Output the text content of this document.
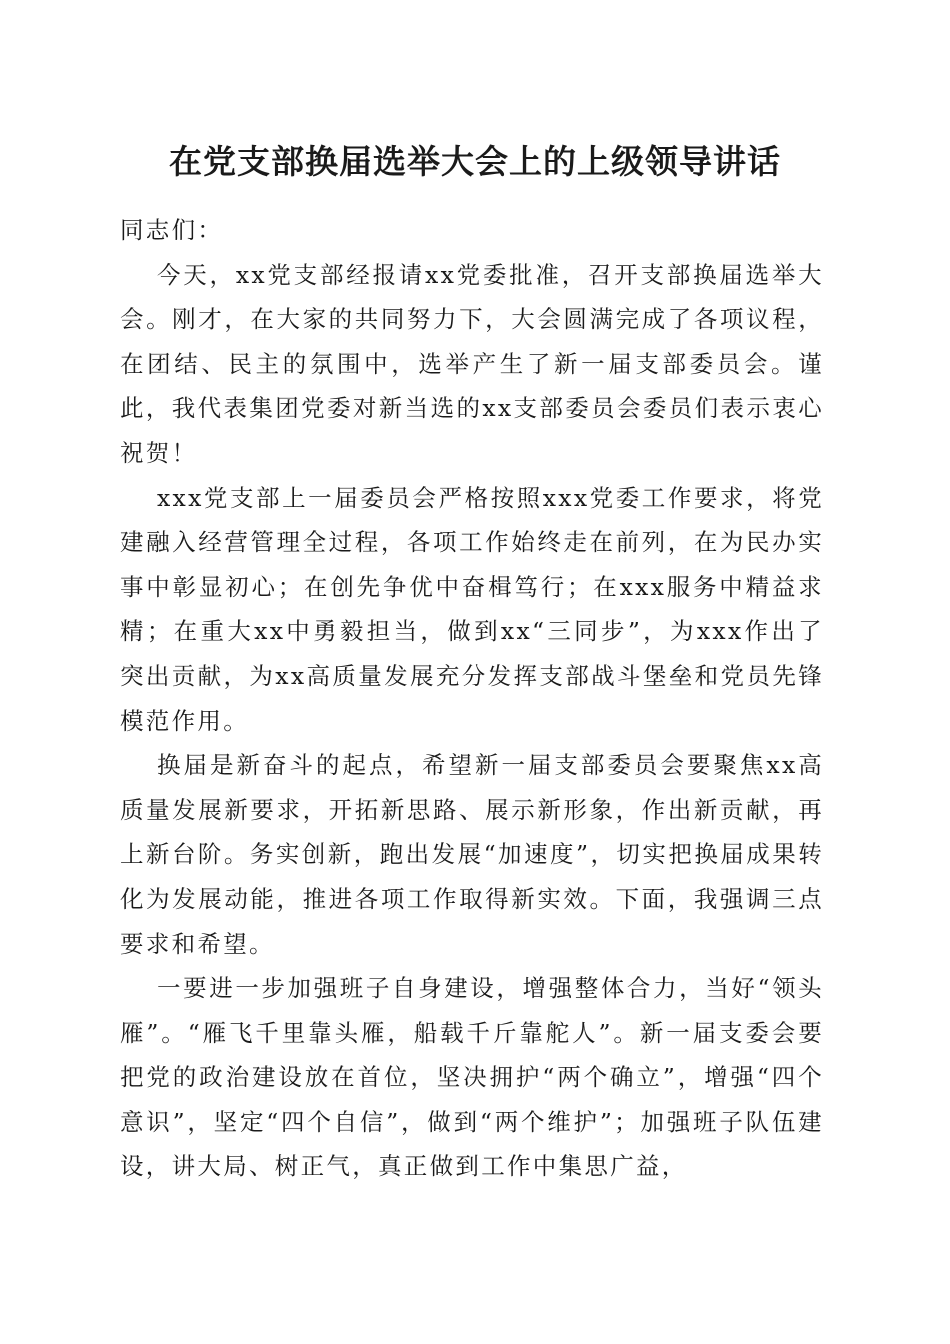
在党支部换届选举大会上的上级领导讲话

同志们：

今天，xx党支部经报请xx党委批准，召开支部换届选举大会。刚才，在大家的共同努力下，大会圆满完成了各项议程，在团结、民主的氛围中，选举产生了新一届支部委员会。谨此，我代表集团党委对新当选的xx支部委员会委员们表示衷心祝贺！

xxx党支部上一届委员会严格按照xxx党委工作要求，将党建融入经营管理全过程，各项工作始终走在前列，在为民办实事中彰显初心；在创先争优中奋楫笃行；在xxx服务中精益求精；在重大xx中勇毅担当，做到xx“三同步”，为xxx作出了突出贡献，为xx高质量发展充分发挥支部战斗堡垒和党员先锋模范作用。

换届是新奋斗的起点，希望新一届支部委员会要聚焦xx高质量发展新要求，开拓新思路、展示新形象，作出新贡献，再上新台阶。务实创新，跑出发展“加速度”，切实把换届成果转化为发展动能，推进各项工作取得新实效。下面，我强调三点要求和希望。

一要进一步加强班子自身建设，增强整体合力，当好“领头雁”。“雁飞千里靠头雁，船载千斤靠舵人”。新一届支委会要把党的政治建设放在首位，坚决拥护“两个确立”，增强“四个意识”，坚定“四个自信”，做到“两个维护”；加强班子队伍建设，讲大局、树正气，真正做到工作中集思广益，
